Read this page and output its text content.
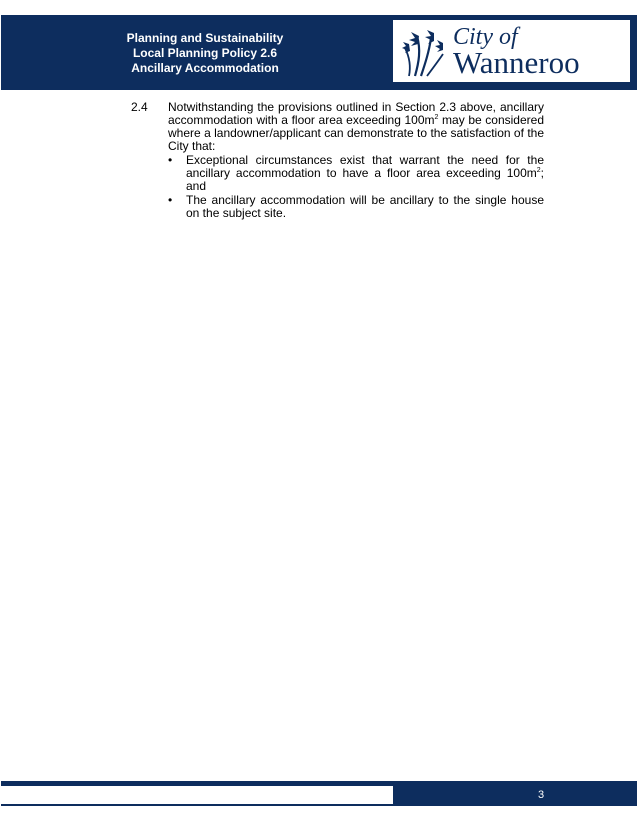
Planning and Sustainability
Local Planning Policy 2.6
Ancillary Accommodation
City of
Wanneroo
2.4 Notwithstanding the provisions outlined in Section 2.3 above, ancillary accommodation with a floor area exceeding $100m^2$ may be considered where a landowner/applicant can demonstrate to the satisfaction of the City that:
• Exceptional circumstances exist that warrant the need for the ancillary accommodation to have a floor area exceeding $100m^2$; and
• The ancillary accommodation will be ancillary to the single house on the subject site.
3
